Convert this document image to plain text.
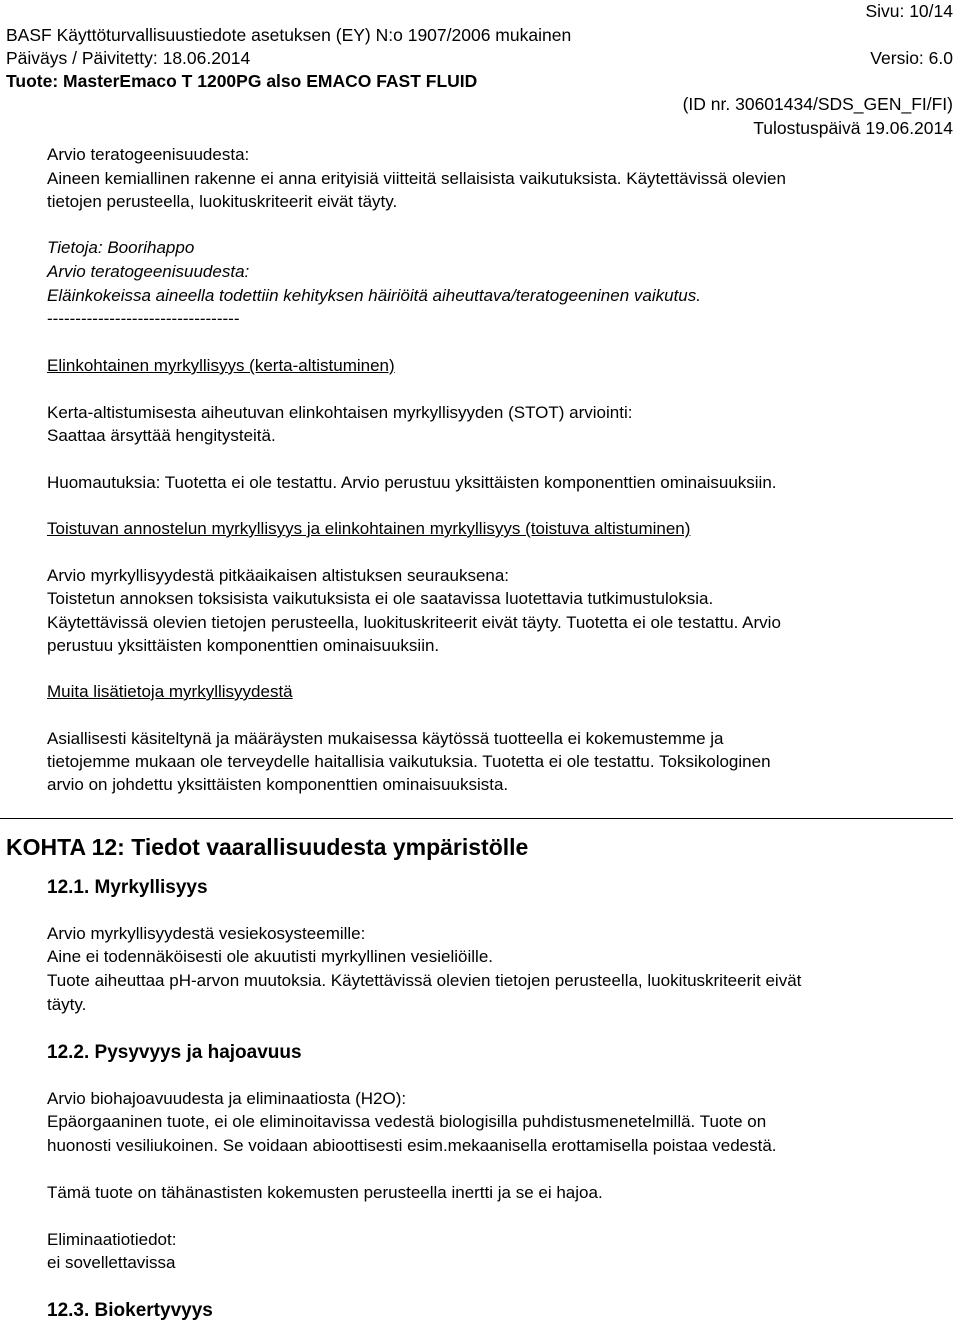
Sivu: 10/14
BASF Käyttöturvallisuustiedote asetuksen (EY) N:o 1907/2006 mukainen
Päiväys / Päivitetty: 18.06.2014	Versio: 6.0
Tuote: MasterEmaco T 1200PG also EMACO FAST FLUID
(ID nr. 30601434/SDS_GEN_FI/FI)
Tulostuspäivä 19.06.2014
Arvio teratogeenisuudesta:
Aineen kemiallinen rakenne ei anna erityisiä viitteitä sellaisista vaikutuksista. Käytettävissä olevien
tietojen perusteella, luokituskriteerit eivät täyty.
Tietoja: Boorihappo
Arvio teratogeenisuudesta:
Eläinkokeissa aineella todettiin kehityksen häiriöitä aiheuttava/teratogeeninen vaikutus.
----------------------------------
Elinkohtainen myrkyllisyys (kerta-altistuminen)
Kerta-altistumisesta aiheutuvan elinkohtaisen myrkyllisyyden (STOT) arviointi:
Saattaa ärsyttää hengitysteitä.
Huomautuksia: Tuotetta ei ole testattu. Arvio perustuu yksittäisten komponenttien ominaisuuksiin.
Toistuvan annostelun myrkyllisyys ja elinkohtainen myrkyllisyys (toistuva altistuminen)
Arvio myrkyllisyydestä pitkäaikaisen altistuksen seurauksena:
Toistetun annoksen toksisista vaikutuksista ei ole saatavissa luotettavia tutkimustuloksia.
Käytettävissä olevien tietojen perusteella, luokituskriteerit eivät täyty. Tuotetta ei ole testattu. Arvio
perustuu yksittäisten komponenttien ominaisuuksiin.
Muita lisätietoja myrkyllisyydestä
Asiallisesti käsiteltynä ja määräysten mukaisessa käytössä tuotteella ei kokemustemme ja
tietojemme mukaan ole terveydelle haitallisia vaikutuksia. Tuotetta ei ole testattu. Toksikologinen
arvio on johdettu yksittäisten komponenttien ominaisuuksista.
KOHTA 12: Tiedot vaarallisuudesta ympäristölle
12.1. Myrkyllisyys
Arvio myrkyllisyydestä vesiekosysteemille:
Aine ei todennäköisesti ole akuutisti myrkyllinen vesieliöille.
Tuote aiheuttaa pH-arvon muutoksia. Käytettävissä olevien tietojen perusteella, luokituskriteerit eivät
täyty.
12.2. Pysyvyys ja hajoavuus
Arvio biohajoavuudesta ja eliminaatiosta (H2O):
Epäorgaaninen tuote, ei ole eliminoitavissa vedestä biologisilla puhdistusmenetelmillä. Tuote on
huonosti vesiliukoinen. Se voidaan abioottisesti esim.mekaanisella erottamisella poistaa vedestä.
Tämä tuote on tähänastisten kokemusten perusteella inertti ja se ei hajoa.
Eliminaatiotiedot:
ei sovellettavissa
12.3. Biokertyvyys
